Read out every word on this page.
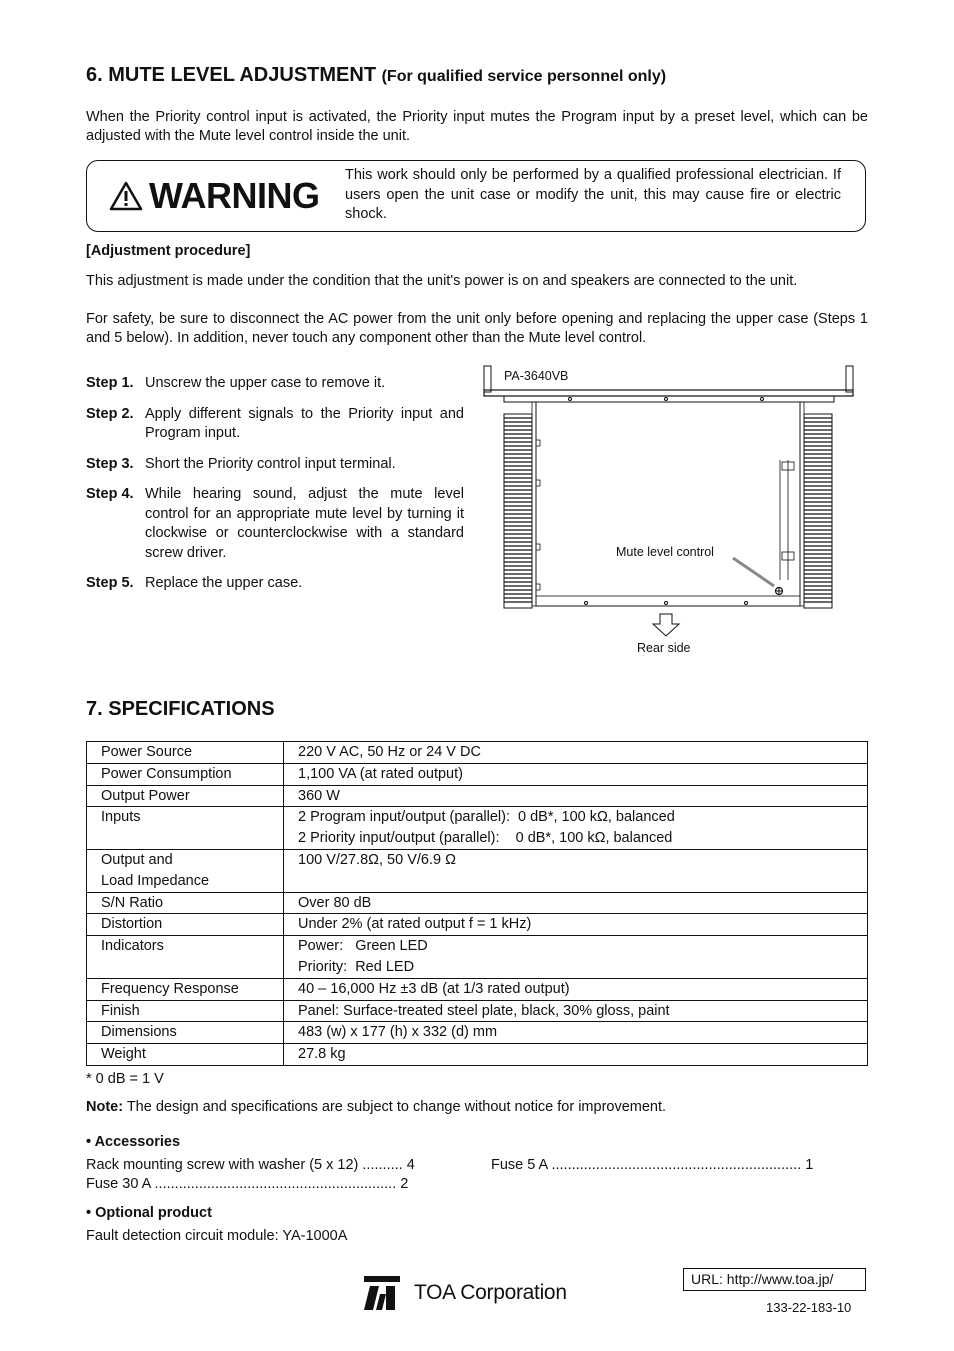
6. MUTE LEVEL ADJUSTMENT (For qualified service personnel only)

When the Priority control input is activated, the Priority input mutes the Program input by a preset level, which can be adjusted with the Mute level control inside the unit.

WARNING This work should only be performed by a qualified professional electrician. If users open the unit case or modify the unit, this may cause fire or electric shock.

[Adjustment procedure]

This adjustment is made under the condition that the unit's power is on and speakers are connected to the unit.

For safety, be sure to disconnect the AC power from the unit only before opening and replacing the upper case (Steps 1 and 5 below). In addition, never touch any component other than the Mute level control.

Step 1. Unscrew the upper case to remove it.
Step 2. Apply different signals to the Priority input and Program input.
Step 3. Short the Priority control input terminal.
Step 4. While hearing sound, adjust the mute level control for an appropriate mute level by turning it clockwise or counterclockwise with a standard screw driver.
Step 5. Replace the upper case.
PA-3640VB
Mute level control
Rear side
7. SPECIFICATIONS
Power Source	220 V AC, 50 Hz or 24 V DC

Power Consumption	1,100 VA (at rated output)

Output Power	360 W

Inputs	2 Program input/output (parallel):  0 dB*, 100 kΩ, balanced
2 Priority input/output (parallel):    0 dB*, 100 kΩ, balanced

Output and
Load Impedance	100 V/27.8Ω, 50 V/6.9 Ω

S/N Ratio	Over 80 dB

Distortion	Under 2% (at rated output f = 1 kHz)

Indicators	Power:   Green LED
Priority:  Red LED

Frequency Response	40 – 16,000 Hz ±3 dB (at 1/3 rated output)

Finish	Panel: Surface-treated steel plate, black, 30% gloss, paint

Dimensions	483 (w) x 177 (h) x 332 (d) mm

Weight	27.8 kg

* 0 dB = 1 V

Note: The design and specifications are subject to change without notice for improvement.

• Accessories

Rack mounting screw with washer (5 x 12) .......... 4

Fuse 30 A ............................................................ 2

Fuse 5 A .............................................................. 1

• Optional product

Fault detection circuit module: YA-1000A

TOA Corporation
URL: http://www.toa.jp/

133-22-183-10
